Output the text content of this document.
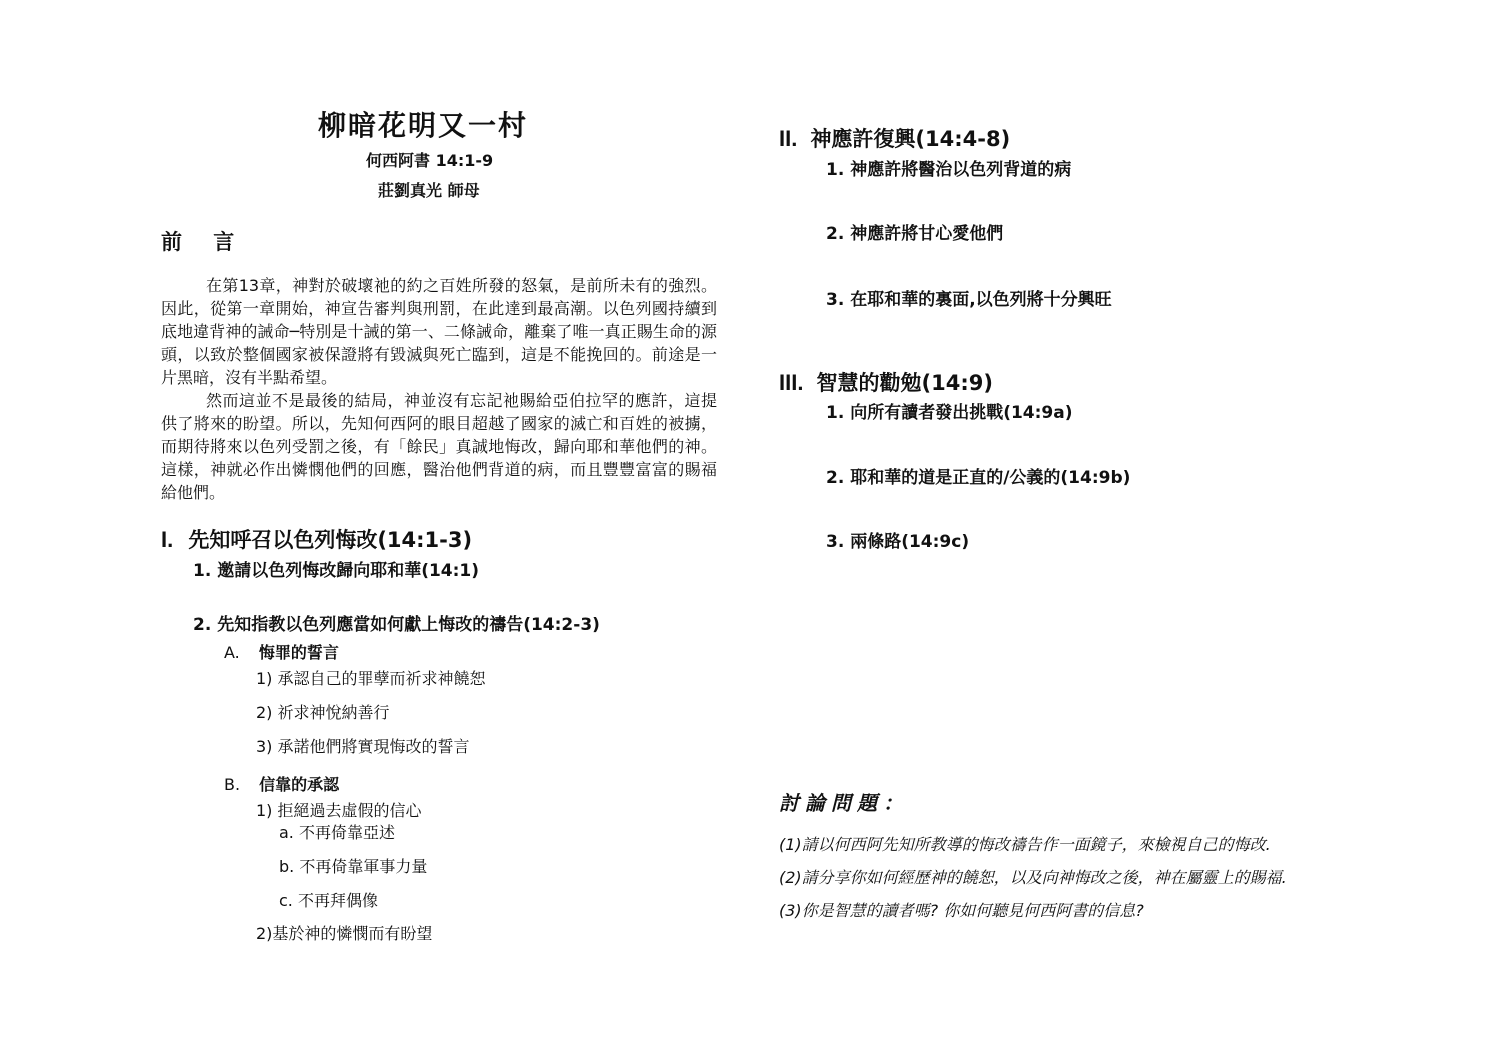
柳暗花明又一村
何西阿書 14:1-9
莊劉真光 師母
前 言

在第13章，神對於破壞祂的約之百姓所發的怒氣，是前所未有的強烈。因此，從第一章開始，神宣告審判與刑罰，在此達到最高潮。以色列國持續到底地違背神的誡命─特別是十誡的第一、二條誡命，離棄了唯一真正賜生命的源頭，以致於整個國家被保證將有毀滅與死亡臨到，這是不能挽回的。前途是一片黑暗，沒有半點希望。

然而這並不是最後的結局，神並沒有忘記祂賜給亞伯拉罕的應許，這提供了將來的盼望。所以，先知何西阿的眼目超越了國家的滅亡和百姓的被擄，而期待將來以色列受罰之後，有「餘民」真誠地悔改，歸向耶和華他們的神。這樣，神就必作出憐憫他們的回應，醫治他們背道的病，而且豐豐富富的賜福給他們。

I. 先知呼召以色列悔改(14:1-3)
1. 邀請以色列悔改歸向耶和華(14:1)
2. 先知指教以色列應當如何獻上悔改的禱告(14:2-3)
A. 悔罪的誓言
1) 承認自己的罪孽而祈求神饒恕
2) 祈求神悅納善行
3) 承諾他們將實現悔改的誓言
B. 信靠的承認
1) 拒絕過去虛假的信心
a. 不再倚靠亞述
b. 不再倚靠軍事力量
c. 不再拜偶像
2)基於神的憐憫而有盼望
II. 神應許復興(14:4-8)
1. 神應許將醫治以色列背道的病
2. 神應許將甘心愛他們
3. 在耶和華的裏面,以色列將十分興旺
III. 智慧的勸勉(14:9)
1. 向所有讀者發出挑戰(14:9a)
2. 耶和華的道是正直的/公義的(14:9b)
3. 兩條路(14:9c)
討論問題：
(1)請以何西阿先知所教導的悔改禱告作一面鏡子，來檢視自己的悔改.
(2)請分享你如何經歷神的饒恕，以及向神悔改之後，神在屬靈上的賜福.
(3)你是智慧的讀者嗎? 你如何聽見何西阿書的信息?
